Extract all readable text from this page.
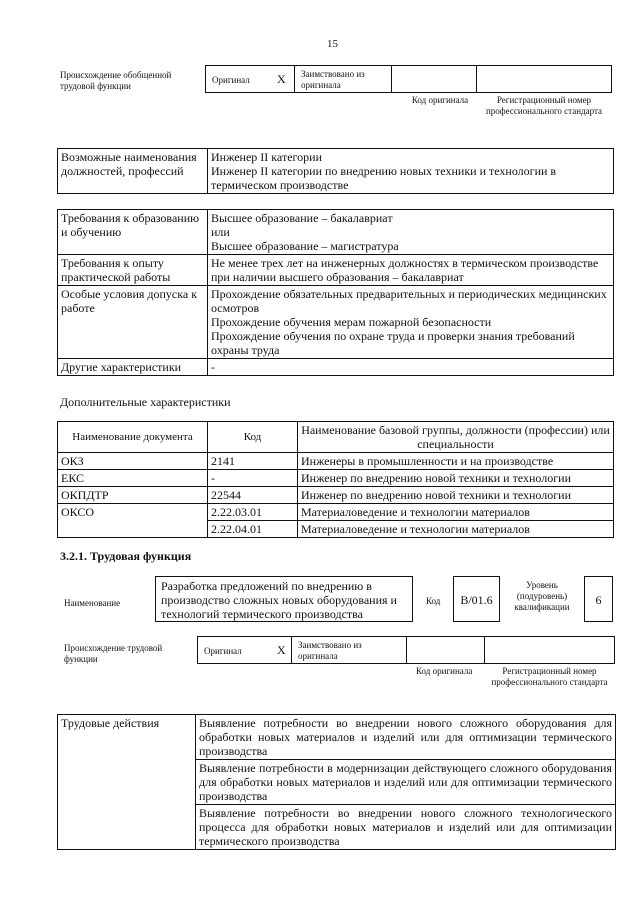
15
Происхождение обобщенной трудовой функции
Оригинал X Заимствовано из оригинала
Код оригинала	Регистрационный номер профессионального стандарта
Возможные наименования должностей, профессий	
Инженер II категории
Инженер II категории по внедрению новых техники и технологии в термическом производстве
Требования к образованию и обучению	Высшее образование – бакалавриат
или
Высшее образование – магистратура

Требования к опыту практической работы	Не менее трех лет на инженерных должностях в термическом производстве при наличии высшего образования – бакалавриат

Особые условия допуска к работе	Прохождение обязательных предварительных и периодических медицинских осмотров
Прохождение обучения мерам пожарной безопасности
Прохождение обучения по охране труда и проверки знания требований охраны труда

Другие характеристики	-
Дополнительные характеристики
Наименование документа	Код	Наименование базовой группы, должности (профессии) или специальности
ОКЗ	2141	Инженеры в промышленности и на производстве
ЕКС	-	Инженер по внедрению новой техники и технологии
ОКПДТР	22544	Инженер по внедрению новой техники и технологии
ОКСО	2.22.03.01	Материаловедение и технологии материалов
	2.22.04.01	Материаловедение и технологии материалов
3.2.1. Трудовая функция
Наименование
Разработка предложений по внедрению в производство сложных новых оборудования и технологий термического производства
Код	B/01.6
Уровень (подуровень) квалификации	6
Происхождение трудовой функции
Оригинал	X Заимствовано из оригинала
Код оригинала	Регистрационный номер профессионального стандарта
Трудовые действия	Выявление потребности во внедрении нового сложного оборудования для обработки новых материалов и изделий или для оптимизации термического производства
Выявление потребности в модернизации действующего сложного оборудования для обработки новых материалов и изделий или для оптимизации термического производства
Выявление потребности во внедрении нового сложного технологического процесса для обработки новых материалов и изделий или для оптимизации термического производства
